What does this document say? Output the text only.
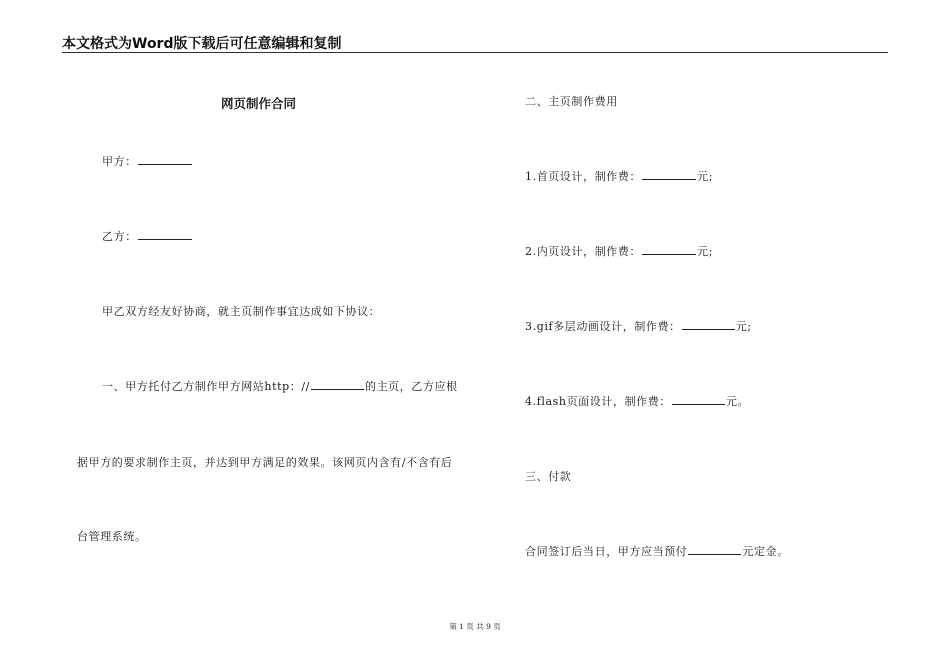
本文格式为Word版下载后可任意编辑和复制
网页制作合同
甲方：
乙方：
甲乙双方经友好协商，就主页制作事宜达成如下协议：
一、甲方托付乙方制作甲方网站http：//	的主页，乙方应根
据甲方的要求制作主页，并达到甲方满足的效果。该网页内含有/不含有后
台管理系统。
二、主页制作费用
1.首页设计，制作费：	元;
2.内页设计，制作费：	元;
3.gif多层动画设计，制作费：	元;
4.flash页面设计，制作费：	元。
三、付款
合同签订后当日，甲方应当预付	元定金。
第 1 页 共 9 页
